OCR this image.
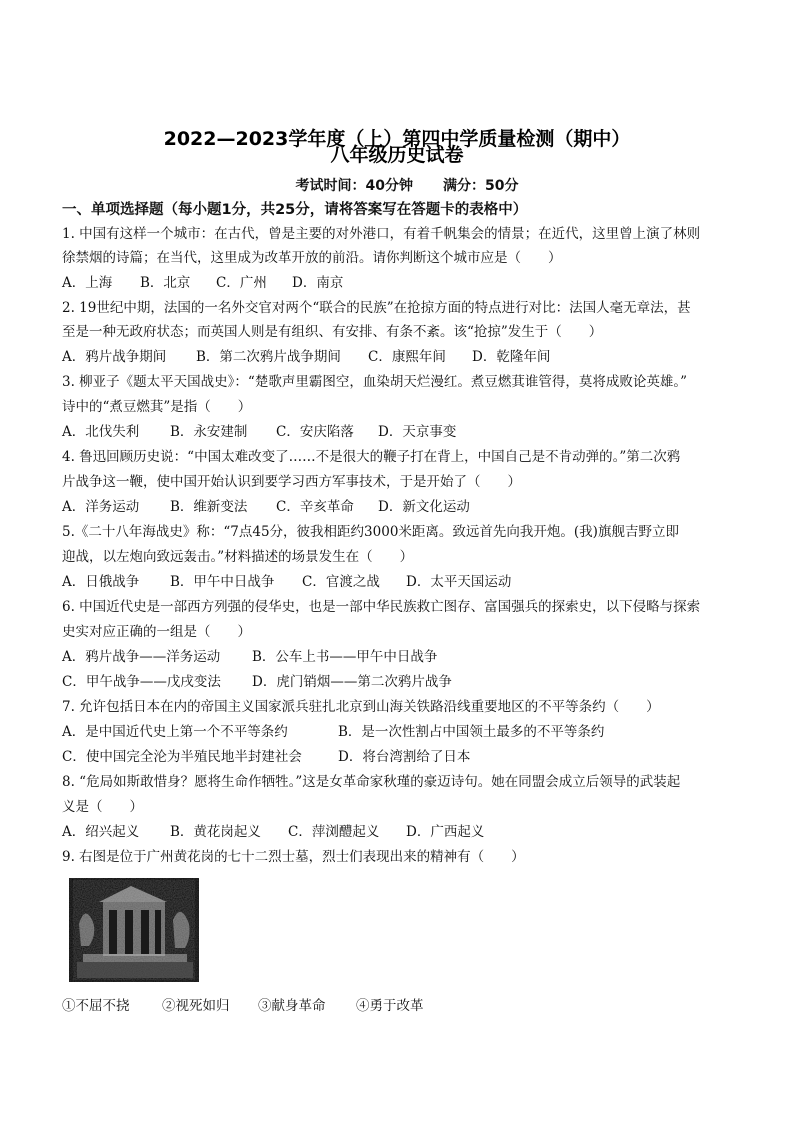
2022—2023学年度（上）第四中学质量检测（期中）
八年级历史试卷
考试时间：40分钟 满分：50分
一、单项选择题（每小题1分，共25分，请将答案写在答题卡的表格中）
1. 中国有这样一个城市：在古代，曾是主要的对外港口，有着千帆集会的情景；在近代，这里曾上演了林则
徐禁烟的诗篇；在当代，这里成为改革开放的前沿。请你判断这个城市应是（　　）
A．上海 B．北京 C．广州 D．南京
2. 19世纪中期，法国的一名外交官对两个“联合的民族”在抢掠方面的特点进行对比：法国人毫无章法，甚
至是一种无政府状态；而英国人则是有组织、有安排、有条不紊。该“抢掠”发生于（　　）
A．鸦片战争期间 B．第二次鸦片战争期间 C．康熙年间 D．乾隆年间
3. 柳亚子《题太平天国战史》：“楚歌声里霸图空，血染胡天烂漫红。煮豆燃萁谁管得，莫将成败论英雄。”
诗中的“煮豆燃萁”是指（　　）
A．北伐失利 B．永安建制 C．安庆陷落 D．天京事变
4. 鲁迅回顾历史说：“中国太难改变了……不是很大的鞭子打在背上，中国自己是不肯动弹的。”第二次鸦
片战争这一鞭，使中国开始认识到要学习西方军事技术，于是开始了（　　）
A．洋务运动 B．维新变法 C．辛亥革命 D．新文化运动
5.《二十八年海战史》称：“7点45分，彼我相距约3000米距离。致远首先向我开炮。(我)旗舰吉野立即
迎战，以左炮向致远轰击。”材料描述的场景发生在（　　）
A．日俄战争 B．甲午中日战争 C．官渡之战 D．太平天国运动
6. 中国近代史是一部西方列强的侵华史，也是一部中华民族救亡图存、富国强兵的探索史，以下侵略与探索
史实对应正确的一组是（　　）
A．鸦片战争——洋务运动 B．公车上书——甲午中日战争
C．甲午战争——戊戌变法 D．虎门销烟——第二次鸦片战争
7. 允许包括日本在内的帝国主义国家派兵驻扎北京到山海关铁路沿线重要地区的不平等条约（　　）
A．是中国近代史上第一个不平等条约	B．是一次性割占中国领土最多的不平等条约
C．使中国完全沦为半殖民地半封建社会	D．将台湾割给了日本
8. “危局如斯敢惜身？愿将生命作牺牲。”这是女革命家秋瑾的豪迈诗句。她在同盟会成立后领导的武装起
义是（　　）
A．绍兴起义 B．黄花岗起义 C．萍浏醴起义 D．广西起义
9. 右图是位于广州黄花岗的七十二烈士墓，烈士们表现出来的精神有（　　）
①不屈不挠 ②视死如归 ③献身革命 ④勇于改革
